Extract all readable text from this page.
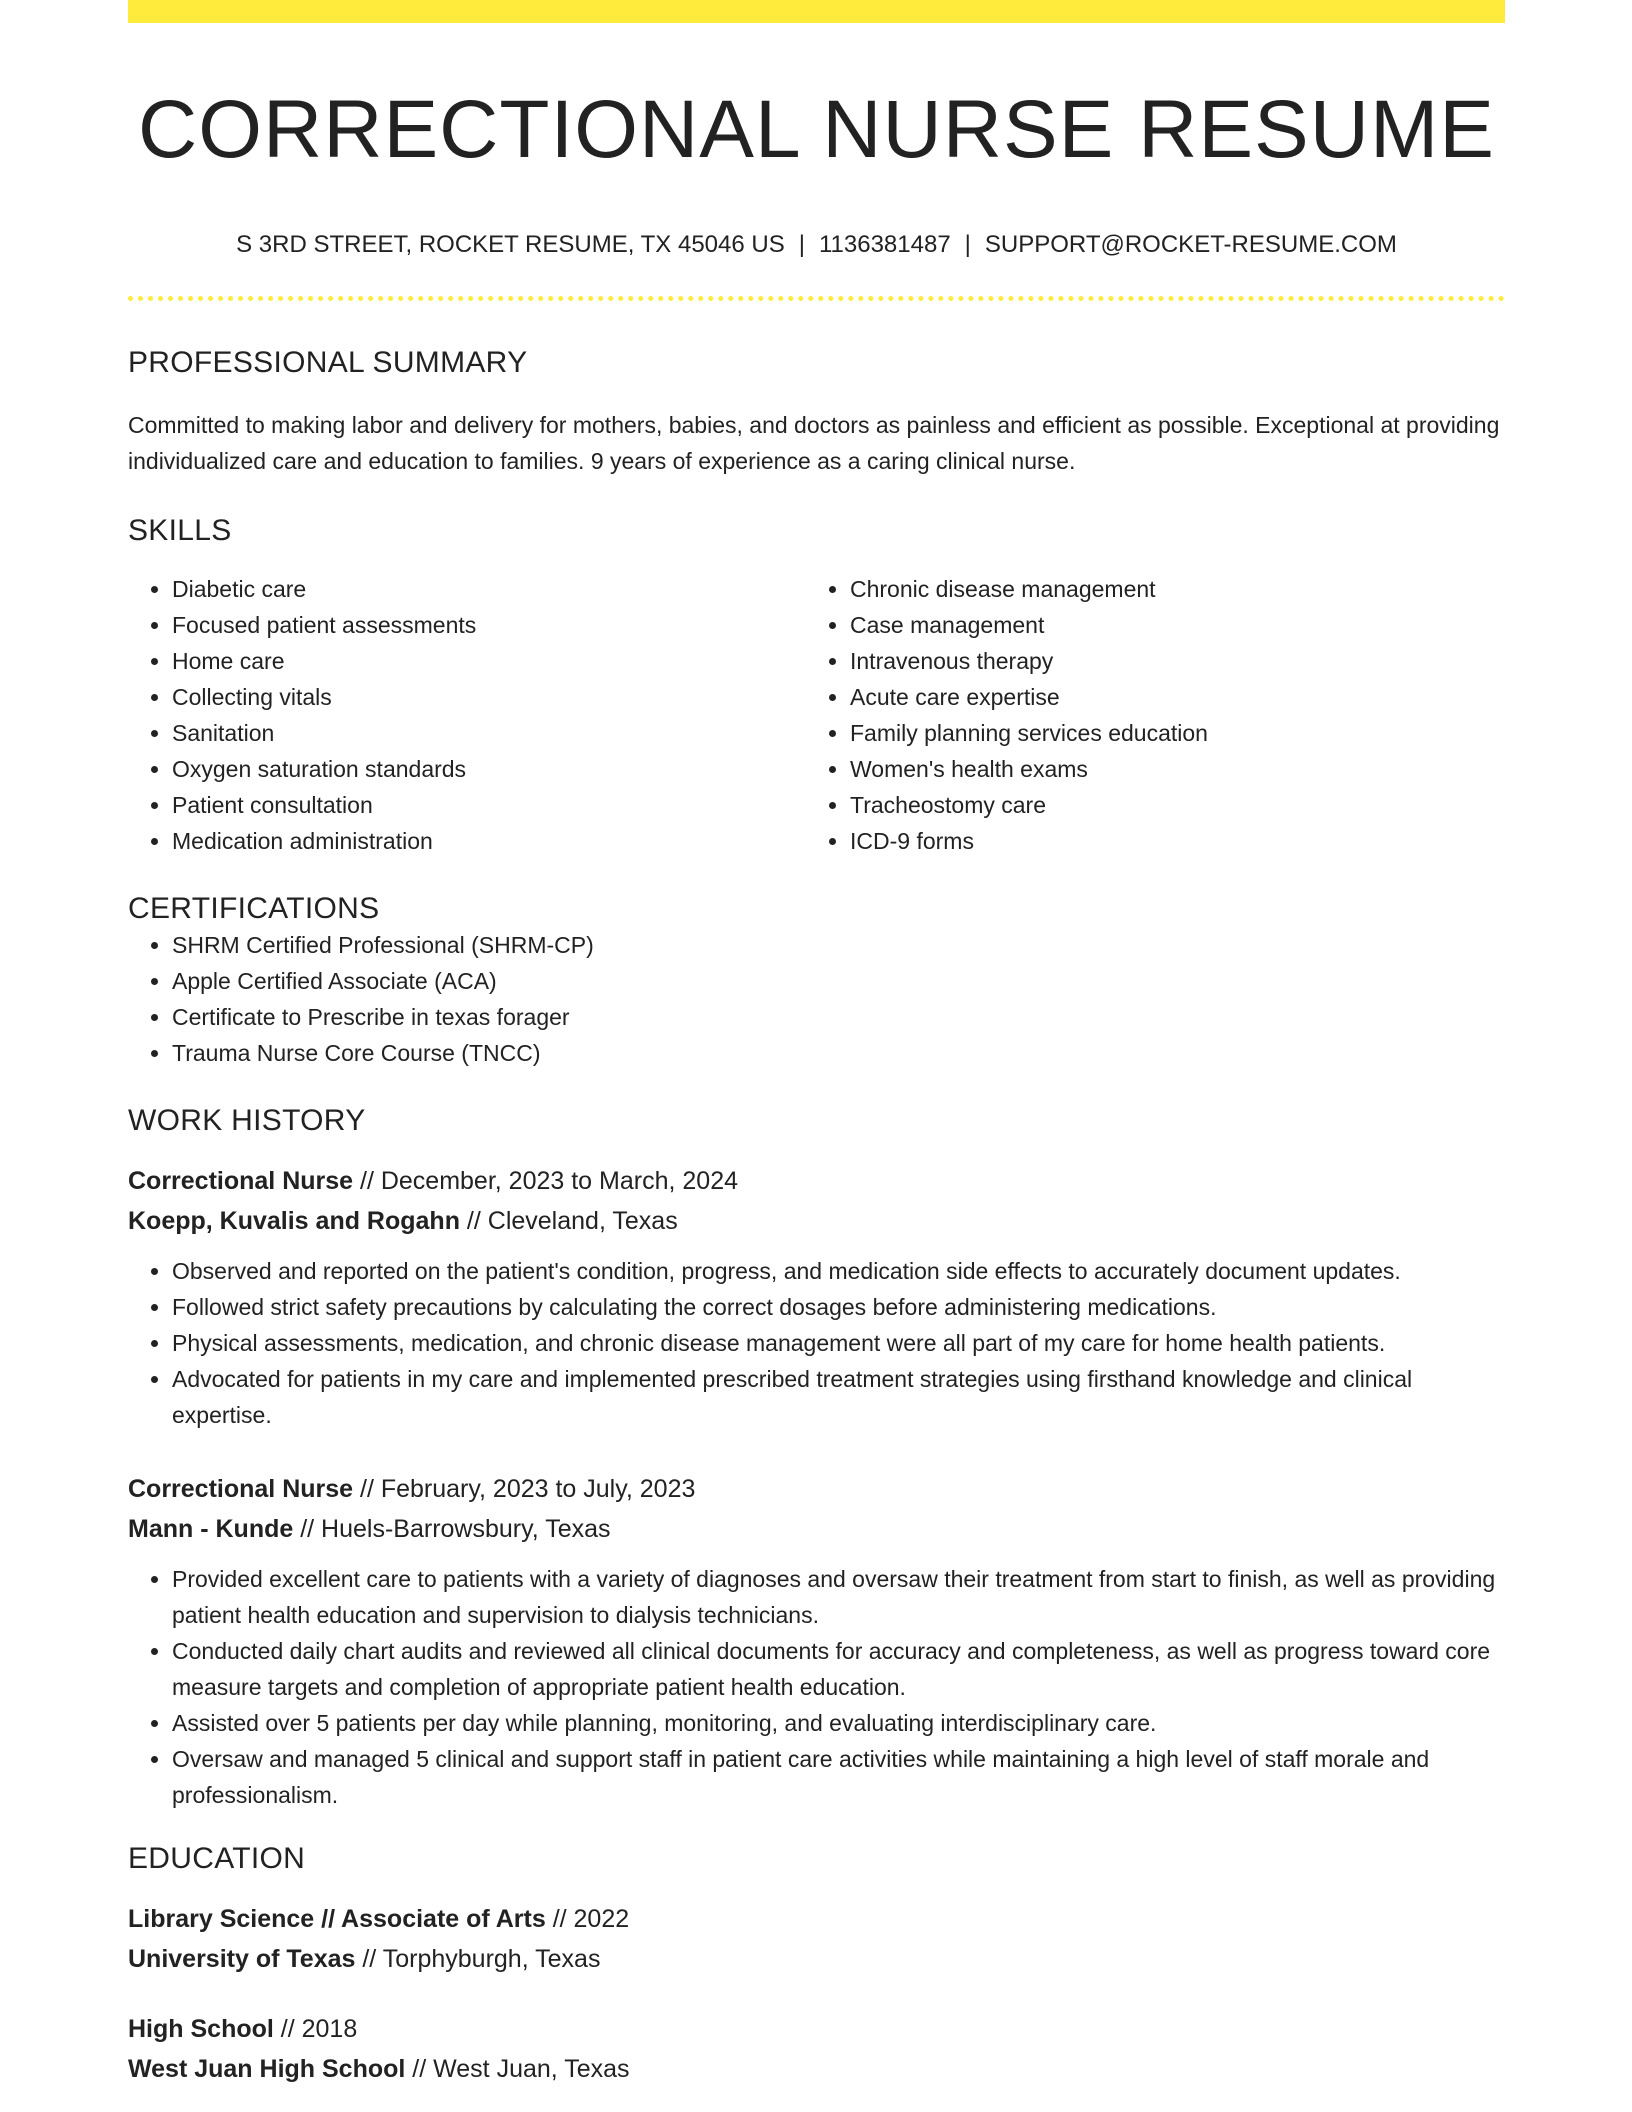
CORRECTIONAL NURSE RESUME
S 3RD STREET, ROCKET RESUME, TX 45046 US | 1136381487 | SUPPORT@ROCKET-RESUME.COM
PROFESSIONAL SUMMARY
Committed to making labor and delivery for mothers, babies, and doctors as painless and efficient as possible. Exceptional at providing individualized care and education to families. 9 years of experience as a caring clinical nurse.
SKILLS
• Diabetic care
• Focused patient assessments
• Home care
• Collecting vitals
• Sanitation
• Oxygen saturation standards
• Patient consultation
• Medication administration
• Chronic disease management
• Case management
• Intravenous therapy
• Acute care expertise
• Family planning services education
• Women's health exams
• Tracheostomy care
• ICD-9 forms
CERTIFICATIONS
• SHRM Certified Professional (SHRM-CP)
• Apple Certified Associate (ACA)
• Certificate to Prescribe in texas forager
• Trauma Nurse Core Course (TNCC)
WORK HISTORY
Correctional Nurse // December, 2023 to March, 2024
Koepp, Kuvalis and Rogahn // Cleveland, Texas
• Observed and reported on the patient's condition, progress, and medication side effects to accurately document updates.
• Followed strict safety precautions by calculating the correct dosages before administering medications.
• Physical assessments, medication, and chronic disease management were all part of my care for home health patients.
• Advocated for patients in my care and implemented prescribed treatment strategies using firsthand knowledge and clinical expertise.
Correctional Nurse // February, 2023 to July, 2023
Mann - Kunde // Huels-Barrowsbury, Texas
• Provided excellent care to patients with a variety of diagnoses and oversaw their treatment from start to finish, as well as providing patient health education and supervision to dialysis technicians.
• Conducted daily chart audits and reviewed all clinical documents for accuracy and completeness, as well as progress toward core measure targets and completion of appropriate patient health education.
• Assisted over 5 patients per day while planning, monitoring, and evaluating interdisciplinary care.
• Oversaw and managed 5 clinical and support staff in patient care activities while maintaining a high level of staff morale and professionalism.
EDUCATION
Library Science // Associate of Arts // 2022
University of Texas // Torphyburgh, Texas
High School // 2018
West Juan High School // West Juan, Texas
